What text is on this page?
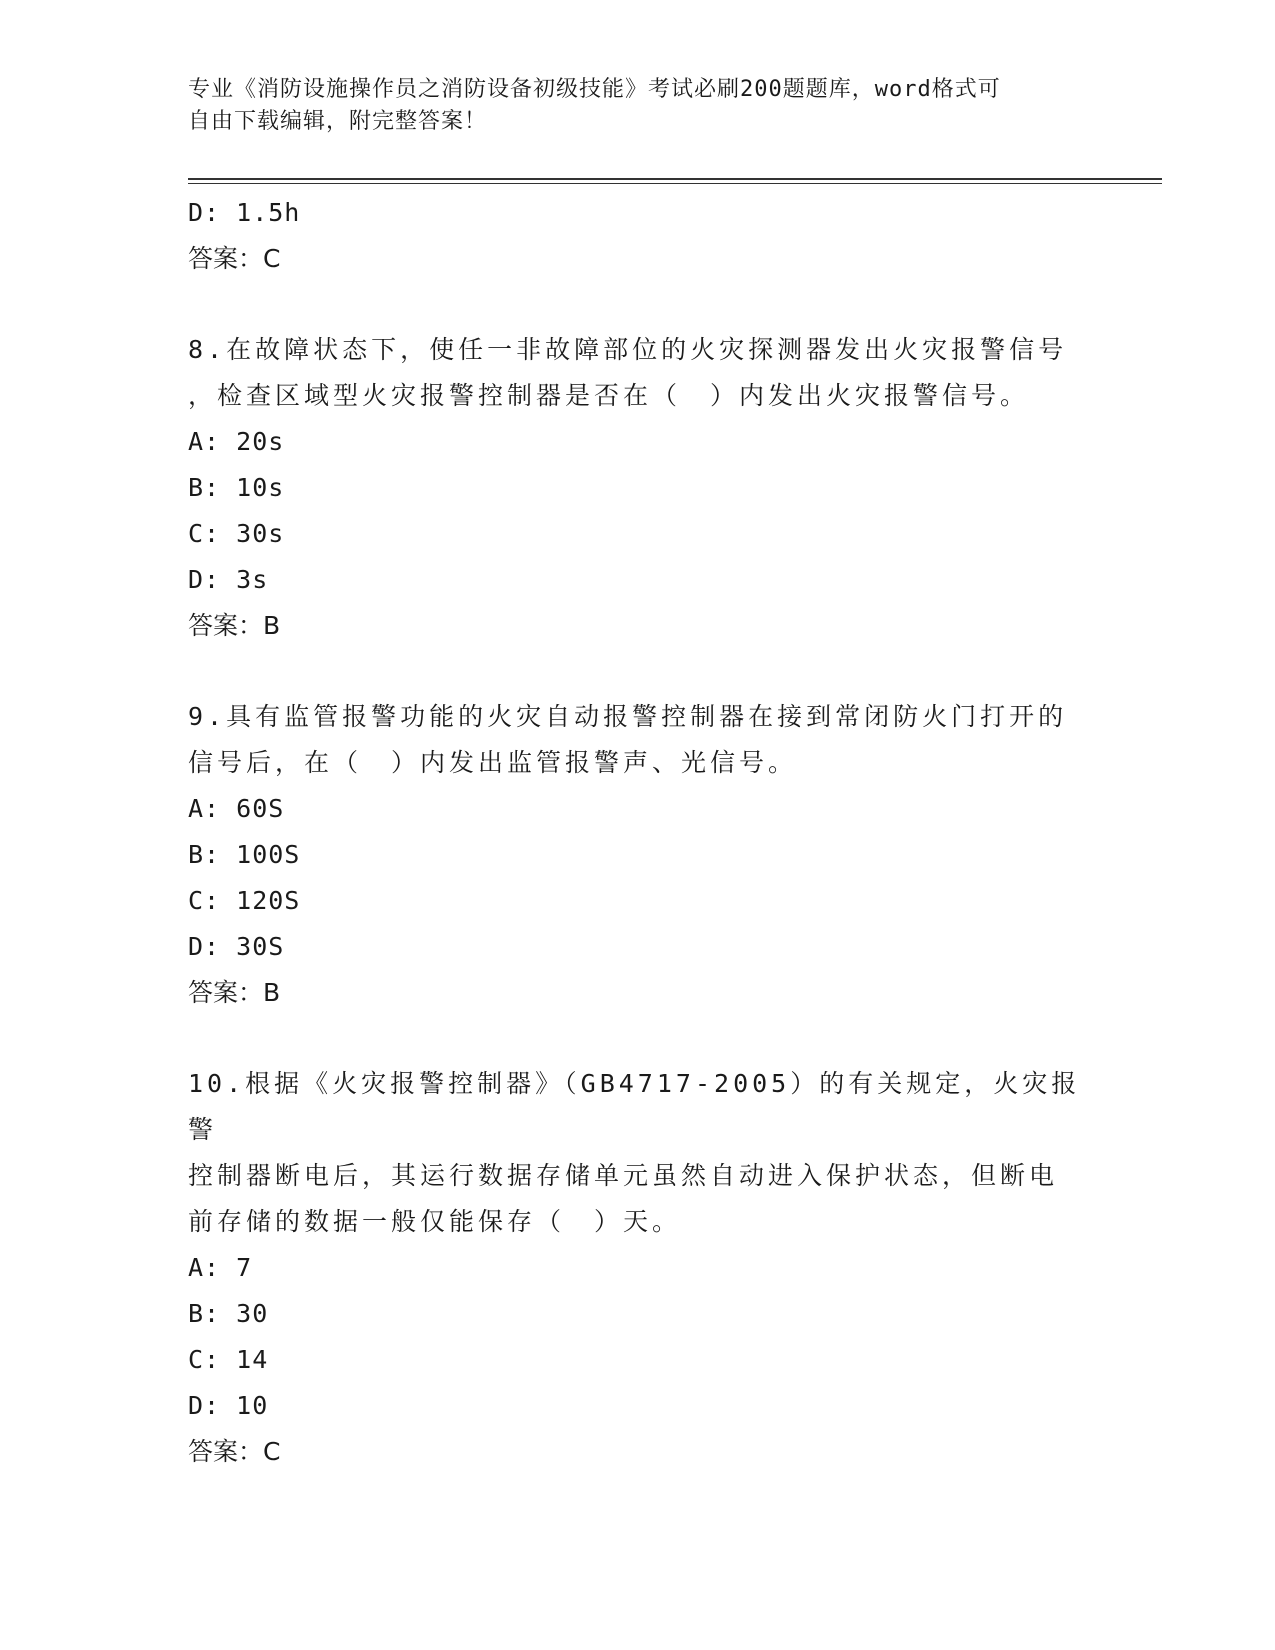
专业《消防设施操作员之消防设备初级技能》考试必刷200题题库，word格式可
自由下载编辑，附完整答案！
D: 1.5h
答案：C
8.在故障状态下，使任一非故障部位的火灾探测器发出火灾报警信号
，检查区域型火灾报警控制器是否在（　）内发出火灾报警信号。
A: 20s
B: 10s
C: 30s
D: 3s
答案：B
9.具有监管报警功能的火灾自动报警控制器在接到常闭防火门打开的
信号后，在（　）内发出监管报警声、光信号。
A: 60S
B: 100S
C: 120S
D: 30S
答案：B
10.根据《火灾报警控制器》（GB4717-2005）的有关规定，火灾报警
控制器断电后，其运行数据存储单元虽然自动进入保护状态，但断电
前存储的数据一般仅能保存（　）天。
A: 7
B: 30
C: 14
D: 10
答案：C
